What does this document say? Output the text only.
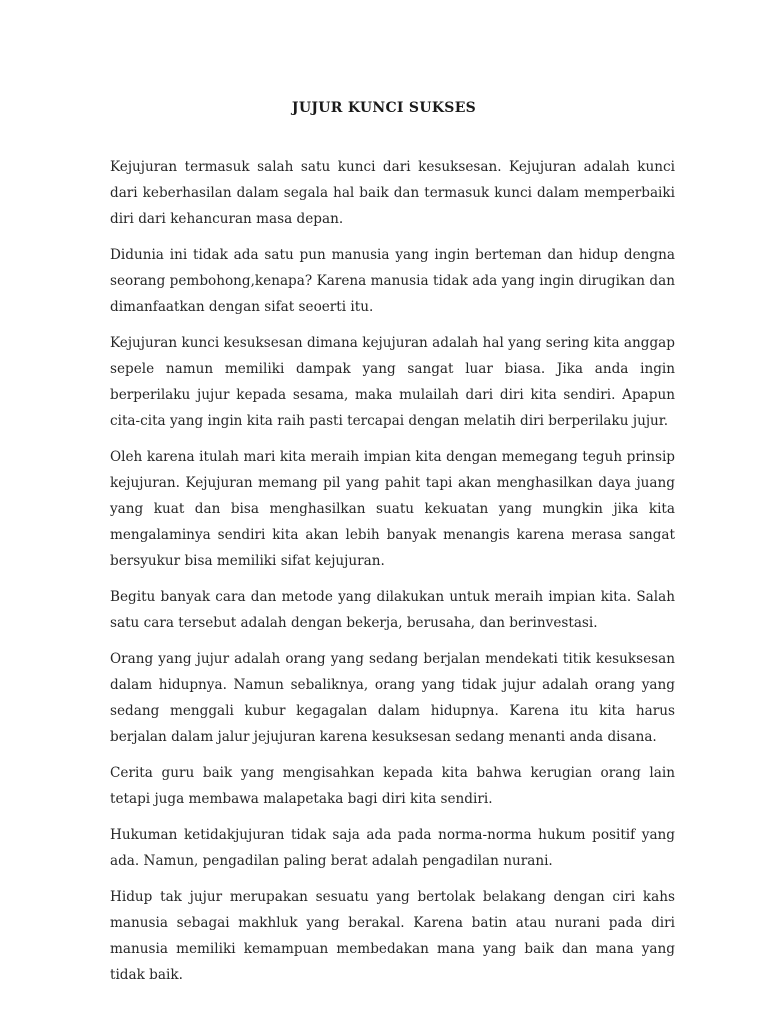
JUJUR KUNCI SUKSES

Kejujuran termasuk salah satu kunci dari kesuksesan. Kejujuran adalah kunci dari keberhasilan dalam segala hal baik dan termasuk kunci dalam memperbaiki diri dari kehancuran masa depan.

Didunia ini tidak ada satu pun manusia yang ingin berteman dan hidup dengna seorang pembohong,kenapa? Karena manusia tidak ada yang ingin dirugikan dan dimanfaatkan dengan sifat seoerti itu.

Kejujuran kunci kesuksesan dimana kejujuran adalah hal yang sering kita anggap sepele namun memiliki dampak yang sangat luar biasa. Jika anda ingin berperilaku jujur kepada sesama, maka mulailah dari diri kita sendiri. Apapun cita-cita yang ingin kita raih pasti tercapai dengan melatih diri berperilaku jujur.

Oleh karena itulah mari kita meraih impian kita dengan memegang teguh prinsip kejujuran. Kejujuran memang pil yang pahit tapi akan menghasilkan daya juang yang kuat dan bisa menghasilkan suatu kekuatan yang mungkin jika kita mengalaminya sendiri kita akan lebih banyak menangis karena merasa sangat bersyukur bisa memiliki sifat kejujuran.

Begitu banyak cara dan metode yang dilakukan untuk meraih impian kita. Salah satu cara tersebut adalah dengan bekerja, berusaha, dan berinvestasi.

Orang yang jujur adalah orang yang sedang berjalan mendekati titik kesuksesan dalam hidupnya. Namun sebaliknya, orang yang tidak jujur adalah orang yang sedang menggali kubur kegagalan dalam hidupnya. Karena itu kita harus berjalan dalam jalur jejujuran karena kesuksesan sedang menanti anda disana.

Cerita guru baik yang mengisahkan kepada kita bahwa kerugian orang lain tetapi juga membawa malapetaka bagi diri kita sendiri.

Hukuman ketidakjujuran tidak saja ada pada norma-norma hukum positif yang ada. Namun, pengadilan paling berat adalah pengadilan nurani.

Hidup tak jujur merupakan sesuatu yang bertolak belakang dengan ciri kahs manusia sebagai makhluk yang berakal. Karena batin atau nurani pada diri manusia memiliki kemampuan membedakan mana yang baik dan mana yang tidak baik.
